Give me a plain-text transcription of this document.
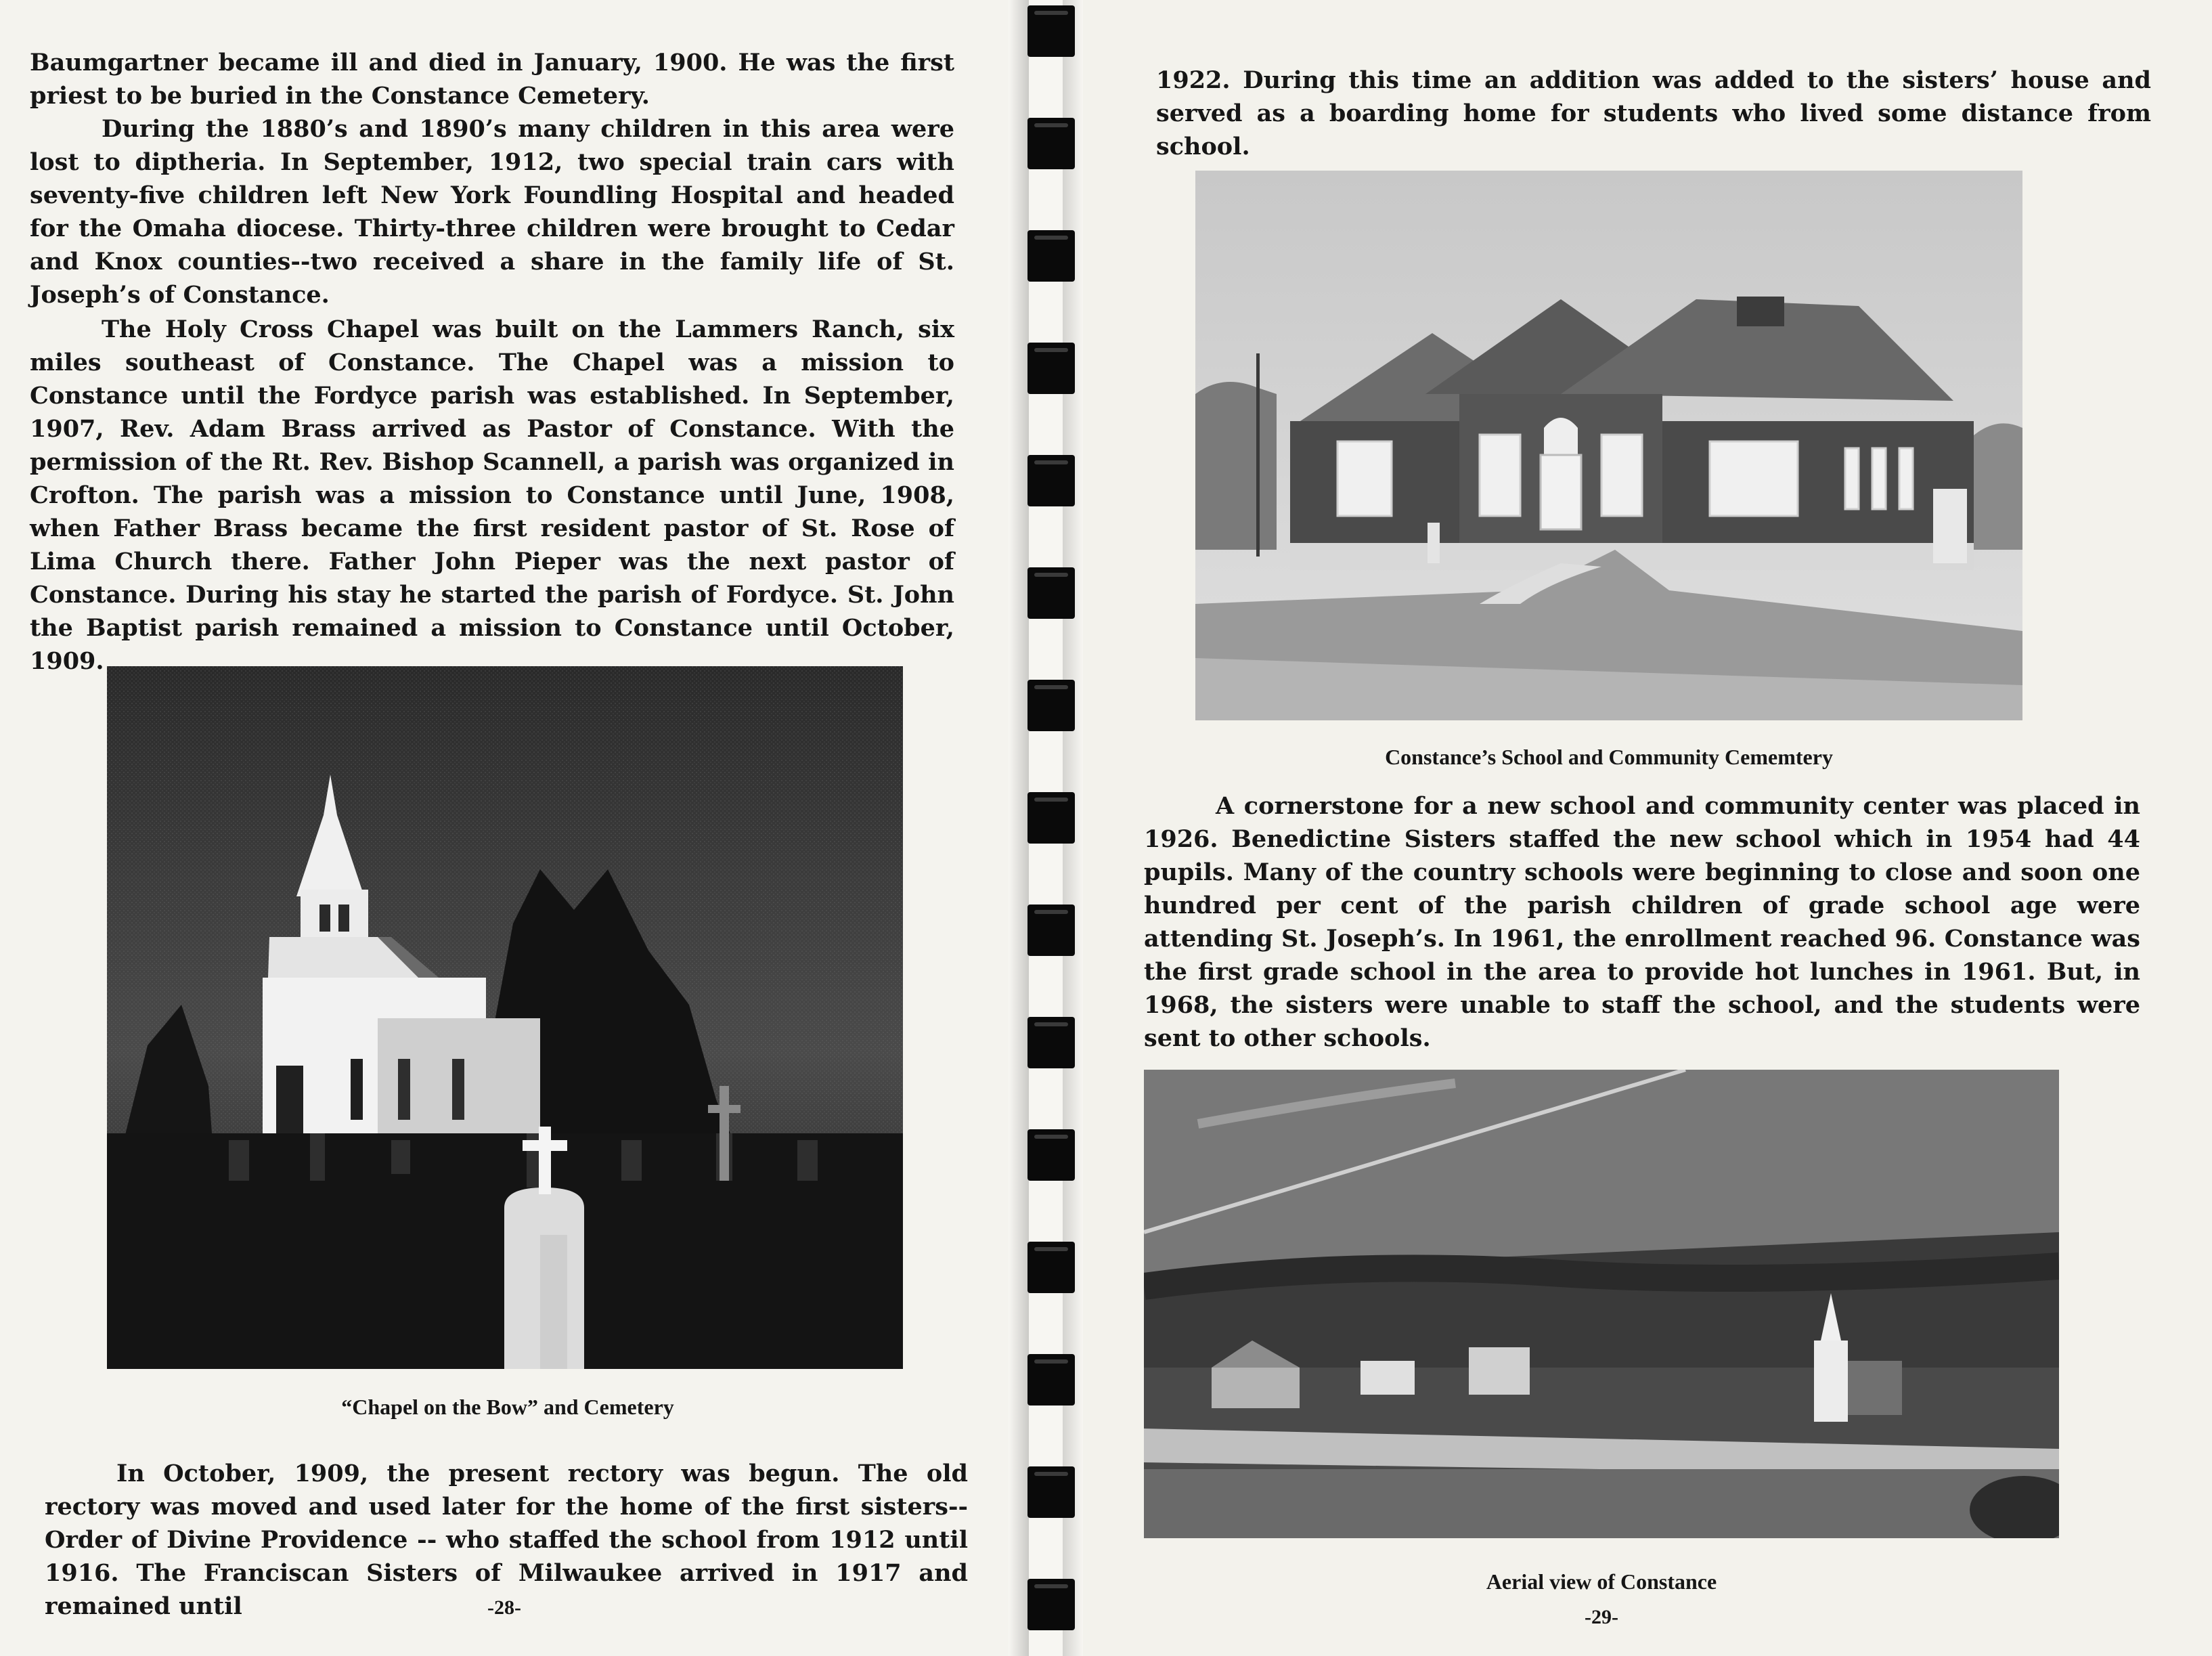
Baumgartner became ill and died in January, 1900. He was the first priest to be buried in the Constance Cemetery.

During the 1880’s and 1890’s many children in this area were lost to diptheria. In September, 1912, two special train cars with seventy-five children left New York Foundling Hospital and headed for the Omaha diocese. Thirty-three children were brought to Cedar and Knox counties--two received a share in the family life of St. Joseph’s of Constance.

The Holy Cross Chapel was built on the Lammers Ranch, six miles southeast of Constance. The Chapel was a mission to Constance until the Fordyce parish was established. In September, 1907, Rev. Adam Brass arrived as Pastor of Constance. With the permission of the Rt. Rev. Bishop Scannell, a parish was organized in Crofton. The parish was a mission to Constance until June, 1908, when Father Brass became the first resident pastor of St. Rose of Lima Church there. Father John Pieper was the next pastor of Constance. During his stay he started the parish of Fordyce. St. John the Baptist parish remained a mission to Constance until October, 1909.

“Chapel on the Bow” and Cemetery

In October, 1909, the present rectory was begun. The old rectory was moved and used later for the home of the first sisters--Order of Divine Providence -- who staffed the school from 1912 until 1916. The Franciscan Sisters of Milwaukee arrived in 1917 and remained until	-28-

1922. During this time an addition was added to the sisters’ house and served as a boarding home for students who lived some distance from school.

Constance’s School and Community Cememtery

A cornerstone for a new school and community center was placed in 1926. Benedictine Sisters staffed the new school which in 1954 had 44 pupils. Many of the country schools were beginning to close and soon one hundred per cent of the parish children of grade school age were attending St. Joseph’s. In 1961, the enrollment reached 96. Constance was the first grade school in the area to provide hot lunches in 1961. But, in 1968, the sisters were unable to staff the school, and the students were sent to other schools.

Aerial view of Constance

-29-
